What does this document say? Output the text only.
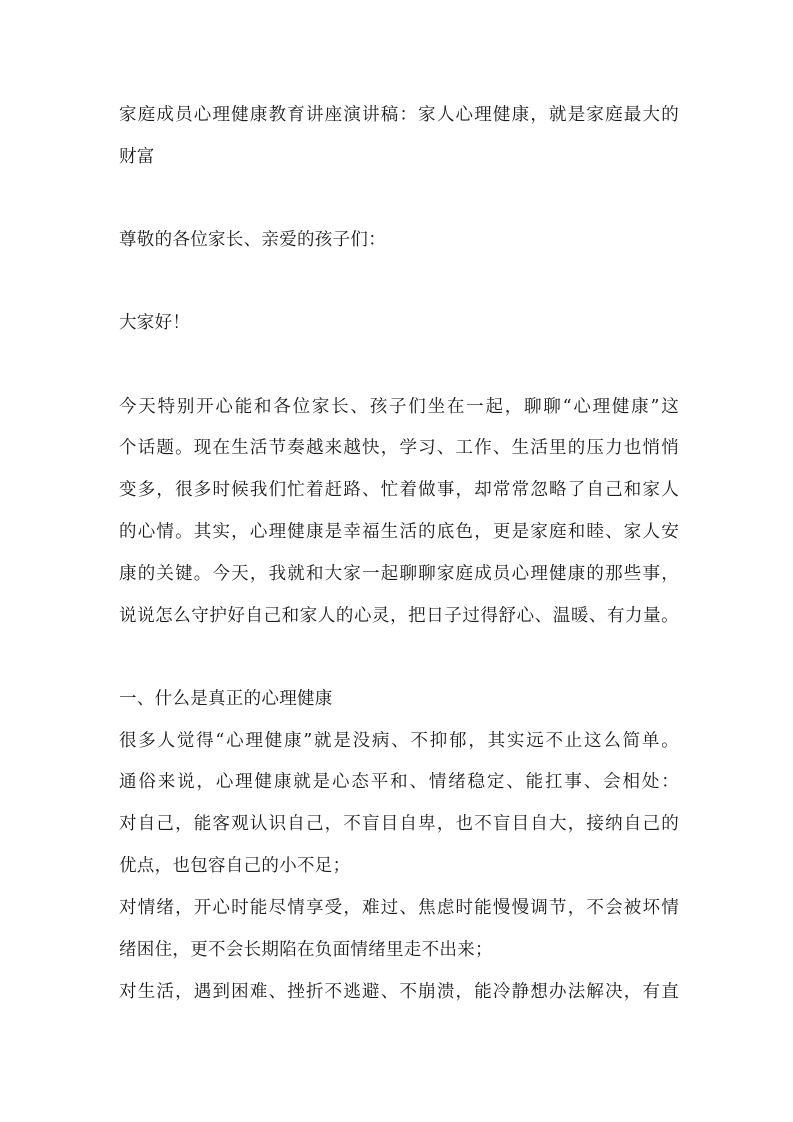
家庭成员心理健康教育讲座演讲稿：家人心理健康，就是家庭最大的
财富
尊敬的各位家长、亲爱的孩子们：
大家好！
今天特别开心能和各位家长、孩子们坐在一起，聊聊“心理健康”这
个话题。现在生活节奏越来越快，学习、工作、生活里的压力也悄悄
变多，很多时候我们忙着赶路、忙着做事，却常常忽略了自己和家人
的心情。其实，心理健康是幸福生活的底色，更是家庭和睦、家人安
康的关键。今天，我就和大家一起聊聊家庭成员心理健康的那些事，
说说怎么守护好自己和家人的心灵，把日子过得舒心、温暖、有力量。
一、什么是真正的心理健康
很多人觉得“心理健康”就是没病、不抑郁，其实远不止这么简单。
通俗来说，心理健康就是心态平和、情绪稳定、能扛事、会相处：
对自己，能客观认识自己，不盲目自卑，也不盲目自大，接纳自己的
优点，也包容自己的小不足；
对情绪，开心时能尽情享受，难过、焦虑时能慢慢调节，不会被坏情
绪困住，更不会长期陷在负面情绪里走不出来；
对生活，遇到困难、挫折不逃避、不崩溃，能冷静想办法解决，有直
